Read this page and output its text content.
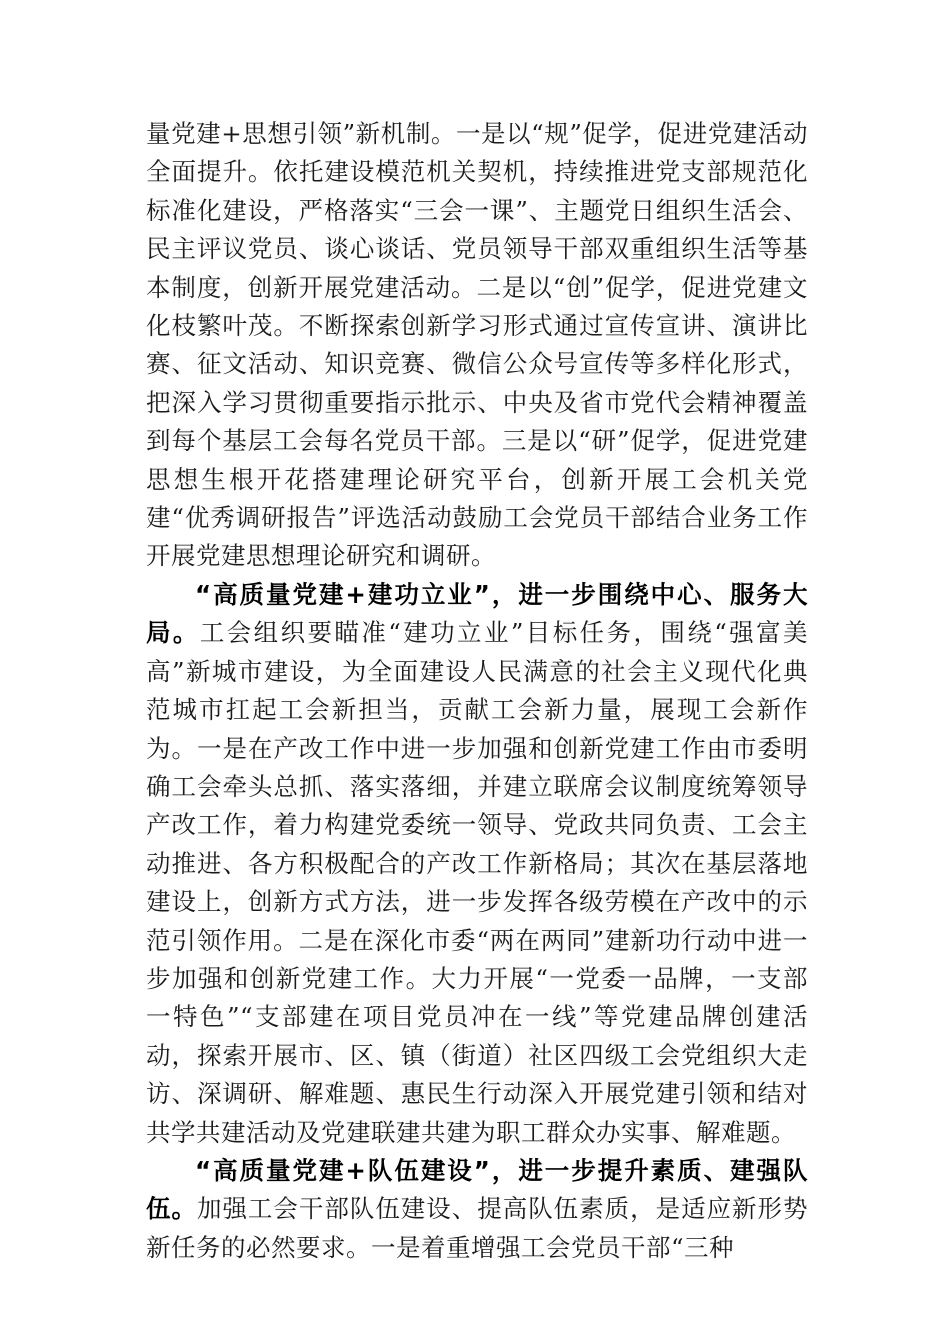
量党建+思想引领”新机制。一是以“规”促学，促进党建活动全面提升。依托建设模范机关契机，持续推进党支部规范化标准化建设，严格落实“三会一课”、主题党日组织生活会、民主评议党员、谈心谈话、党员领导干部双重组织生活等基本制度，创新开展党建活动。二是以“创”促学，促进党建文化枝繁叶茂。不断探索创新学习形式通过宣传宣讲、演讲比赛、征文活动、知识竞赛、微信公众号宣传等多样化形式，把深入学习贯彻重要指示批示、中央及省市党代会精神覆盖到每个基层工会每名党员干部。三是以“研”促学，促进党建思想生根开花搭建理论研究平台，创新开展工会机关党建“优秀调研报告”评选活动鼓励工会党员干部结合业务工作开展党建思想理论研究和调研。

“高质量党建+建功立业”，进一步围绕中心、服务大局。工会组织要瞄准“建功立业”目标任务，围绕“强富美高”新城市建设，为全面建设人民满意的社会主义现代化典范城市扛起工会新担当，贡献工会新力量，展现工会新作为。一是在产改工作中进一步加强和创新党建工作由市委明确工会牵头总抓、落实落细，并建立联席会议制度统筹领导产改工作，着力构建党委统一领导、党政共同负责、工会主动推进、各方积极配合的产改工作新格局；其次在基层落地建设上，创新方式方法，进一步发挥各级劳模在产改中的示范引领作用。二是在深化市委“两在两同”建新功行动中进一步加强和创新党建工作。大力开展“一党委一品牌，一支部一特色”“支部建在项目党员冲在一线”等党建品牌创建活动，探索开展市、区、镇（街道）社区四级工会党组织大走访、深调研、解难题、惠民生行动深入开展党建引领和结对共学共建活动及党建联建共建为职工群众办实事、解难题。

“高质量党建+队伍建设”，进一步提升素质、建强队伍。加强工会干部队伍建设、提高队伍素质，是适应新形势新任务的必然要求。一是着重增强工会党员干部“三种
